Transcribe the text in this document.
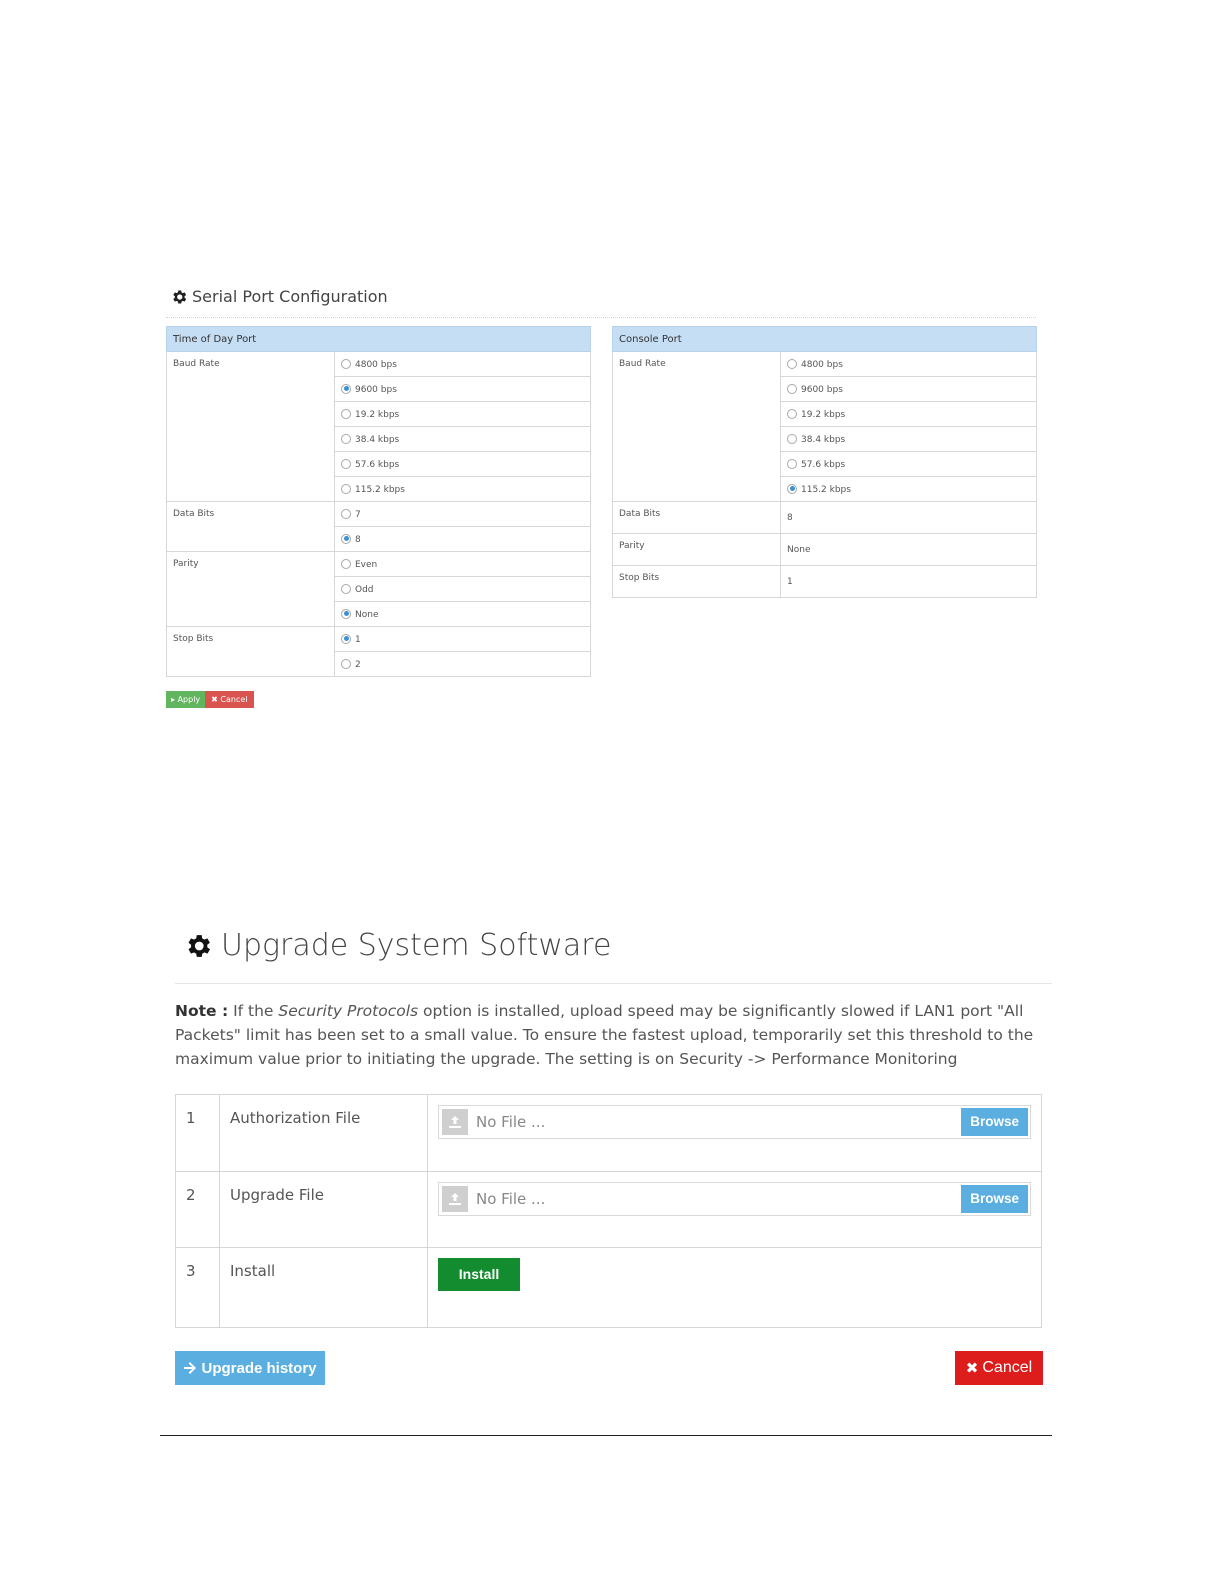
Serial Port Configuration
Time of Day Port	
Baud Rate	4800 bps
	9600 bps
	19.2 kbps
	38.4 kbps
	57.6 kbps
	115.2 kbps
Data Bits	7
	8
Parity	Even
	Odd
	None
Stop Bits	1
	2
Console Port	
Baud Rate	4800 bps
	9600 bps
	19.2 kbps
	38.4 kbps
	57.6 kbps
	115.2 kbps
Data Bits	8
Parity	None
Stop Bits	1
▸ Apply	✖ Cancel
Upgrade System Software
Note : If the Security Protocols option is installed, upload speed may be significantly slowed if LAN1 port "All Packets" limit has been set to a small value. To ensure the fastest upload, temporarily set this threshold to the maximum value prior to initiating the upgrade. The setting is on Security -> Performance Monitoring
1	Authorization File	No File ... Browse

2	Upgrade File	No File ... Browse

3	Install	Install
Upgrade history	✖ Cancel
